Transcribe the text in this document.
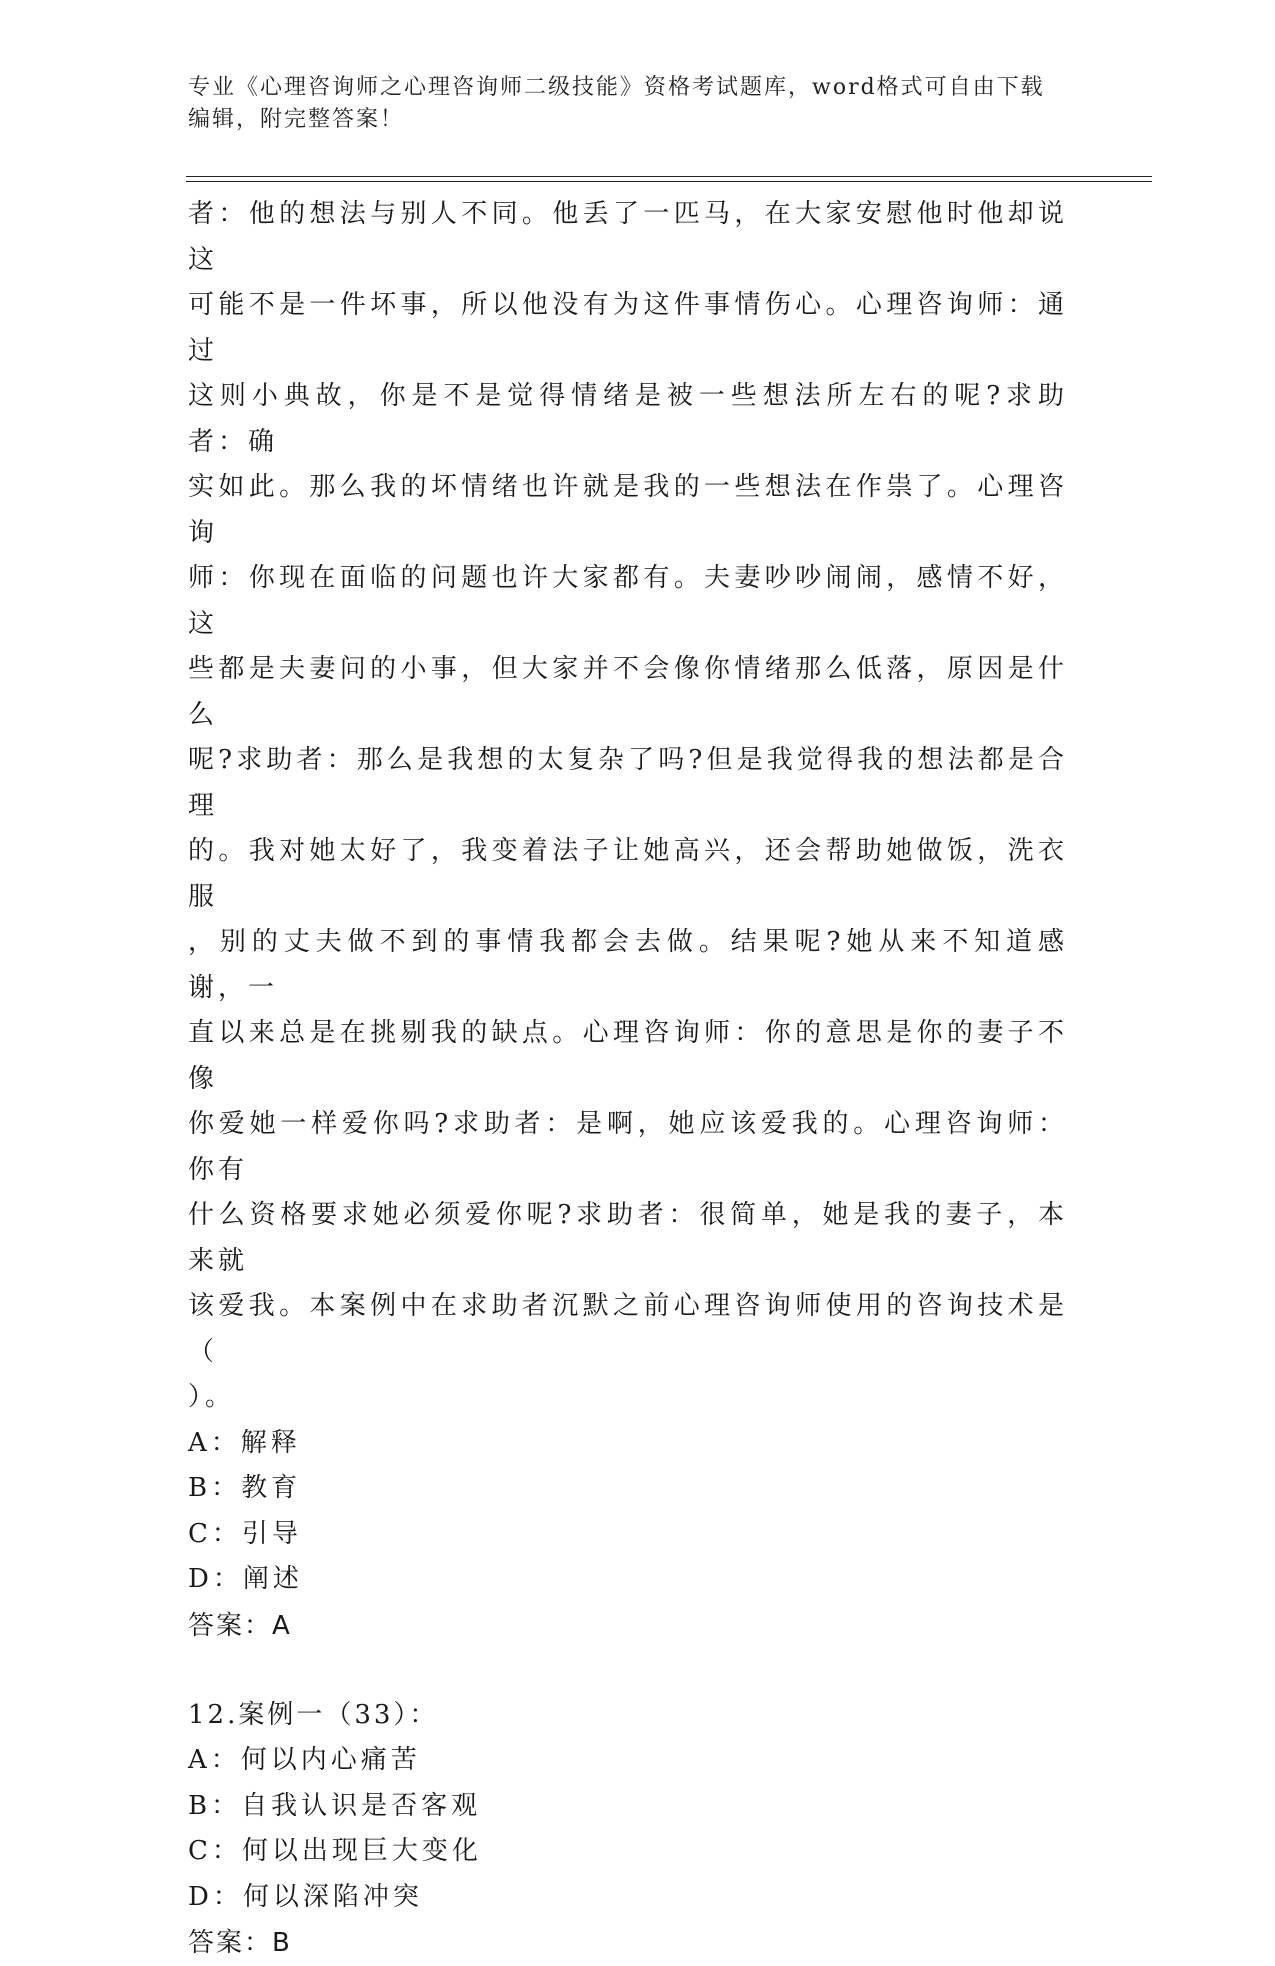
专业《心理咨询师之心理咨询师二级技能》资格考试题库，word格式可自由下载
编辑，附完整答案！

者：他的想法与别人不同。他丢了一匹马，在大家安慰他时他却说这

可能不是一件坏事，所以他没有为这件事情伤心。心理咨询师：通过

这则小典故，你是不是觉得情绪是被一些想法所左右的呢?求助者：确

实如此。那么我的坏情绪也许就是我的一些想法在作祟了。心理咨询

师：你现在面临的问题也许大家都有。夫妻吵吵闹闹，感情不好，这

些都是夫妻问的小事，但大家并不会像你情绪那么低落，原因是什么

呢?求助者：那么是我想的太复杂了吗?但是我觉得我的想法都是合理

的。我对她太好了，我变着法子让她高兴，还会帮助她做饭，洗衣服

，别的丈夫做不到的事情我都会去做。结果呢?她从来不知道感谢，一

直以来总是在挑剔我的缺点。心理咨询师：你的意思是你的妻子不像

你爱她一样爱你吗?求助者：是啊，她应该爱我的。心理咨询师：你有

什么资格要求她必须爱你呢?求助者：很简单，她是我的妻子，本来就

该爱我。本案例中在求助者沉默之前心理咨询师使用的咨询技术是（

）。

A：解释

B：教育

C：引导

D：阐述

答案：A

12.案例一（33）：

A：何以内心痛苦

B：自我认识是否客观

C：何以出现巨大变化

D：何以深陷冲突

答案：B
